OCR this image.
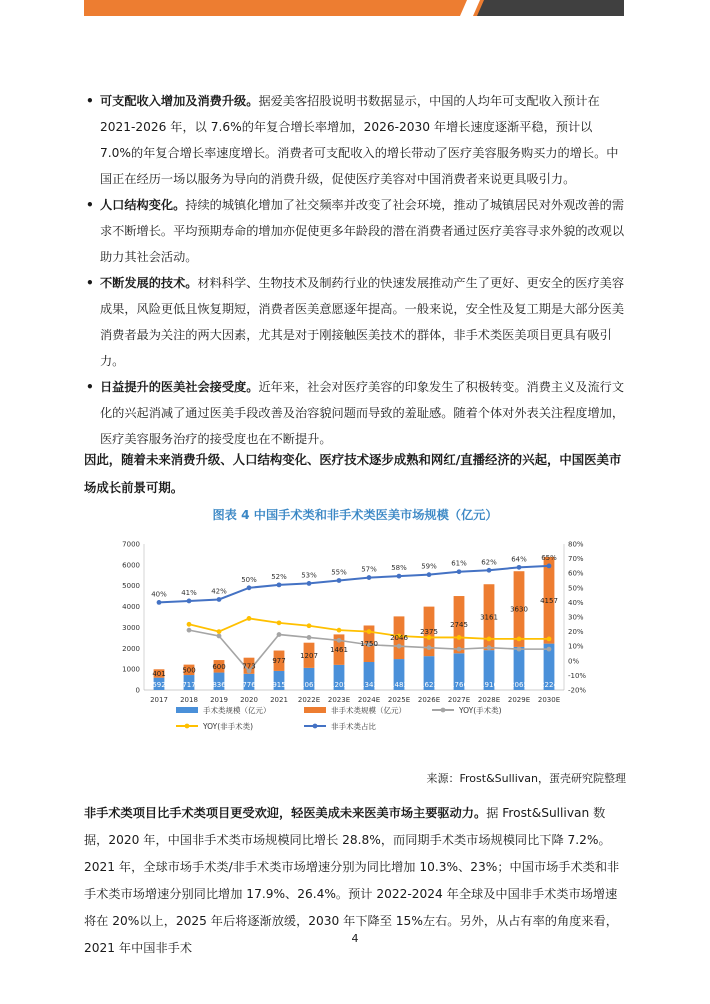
• 可支配收入增加及消费升级。据爱美客招股说明书数据显示，中国的人均年可支配收入预计在 2021-2026 年，以 7.6%的年复合增长率增加，2026-2030 年增长速度逐渐平稳，预计以 7.0%的年复合增长率速度增长。消费者可支配收入的增长带动了医疗美容服务购买力的增长。中国正在经历一场以服务为导向的消费升级，促使医疗美容对中国消费者来说更具吸引力。
• 人口结构变化。持续的城镇化增加了社交频率并改变了社会环境，推动了城镇居民对外观改善的需求不断增长。平均预期寿命的增加亦促使更多年龄段的潜在消费者通过医疗美容寻求外貌的改观以助力其社会活动。
• 不断发展的技术。材料科学、生物技术及制药行业的快速发展推动产生了更好、更安全的医疗美容成果，风险更低且恢复期短，消费者医美意愿逐年提高。一般来说，安全性及复工期是大部分医美消费者最为关注的两大因素，尤其是对于刚接触医美技术的群体，非手术类医美项目更具有吸引力。
• 日益提升的医美社会接受度。近年来，社会对医疗美容的印象发生了积极转变。消费主义及流行文化的兴起消减了通过医美手段改善及治容貌问题而导致的羞耻感。随着个体对外表关注程度增加，医疗美容服务治疗的接受度也在不断提升。
因此，随着未来消费升级、人口结构变化、医疗技术逐步成熟和网红/直播经济的兴起，中国医美市场成长前景可期。
图表 4 中国手术类和非手术类医美市场规模（亿元）
0
1000
2000
3000
4000
5000
6000
7000
-20%
-10%
0%
10%
20%
30%
40%
50%
60%
70%
80%
2017 2018 2019 2020 2021 2022E 2023E 2024E 2025E 2026E 2027E 2028E 2029E 2030E
592 717 836 776 915 1061 1205 1343 1483 1623 1760 1910 2065 2224
401 500 600 773
977
1207
1461
1750
2046
2375
2745
3161
3630
4157
40% 41% 42%
50% 52% 53% 55% 57% 58% 59% 61% 62% 64% 65%
手术类规模（亿元）	非手术类规模（亿元）	YOY(手术类)
YOY(非手术类)	非手术类占比
来源：Frost&Sullivan，蛋壳研究院整理
非手术类项目比手术类项目更受欢迎，轻医美成未来医美市场主要驱动力。据 Frost&Sullivan 数据，2020 年，中国非手术类市场规模同比增长 28.8%，而同期手术类市场规模同比下降 7.2%。2021 年，全球市场手术类/非手术类市场增速分别为同比增加 10.3%、23%；中国市场手术类和非手术类市场增速分别同比增加 17.9%、26.4%。预计 2022-2024 年全球及中国非手术类市场增速将在 20%以上，2025 年后将逐渐放缓，2030 年下降至 15%左右。另外，从占有率的角度来看，2021 年中国非手术
4
